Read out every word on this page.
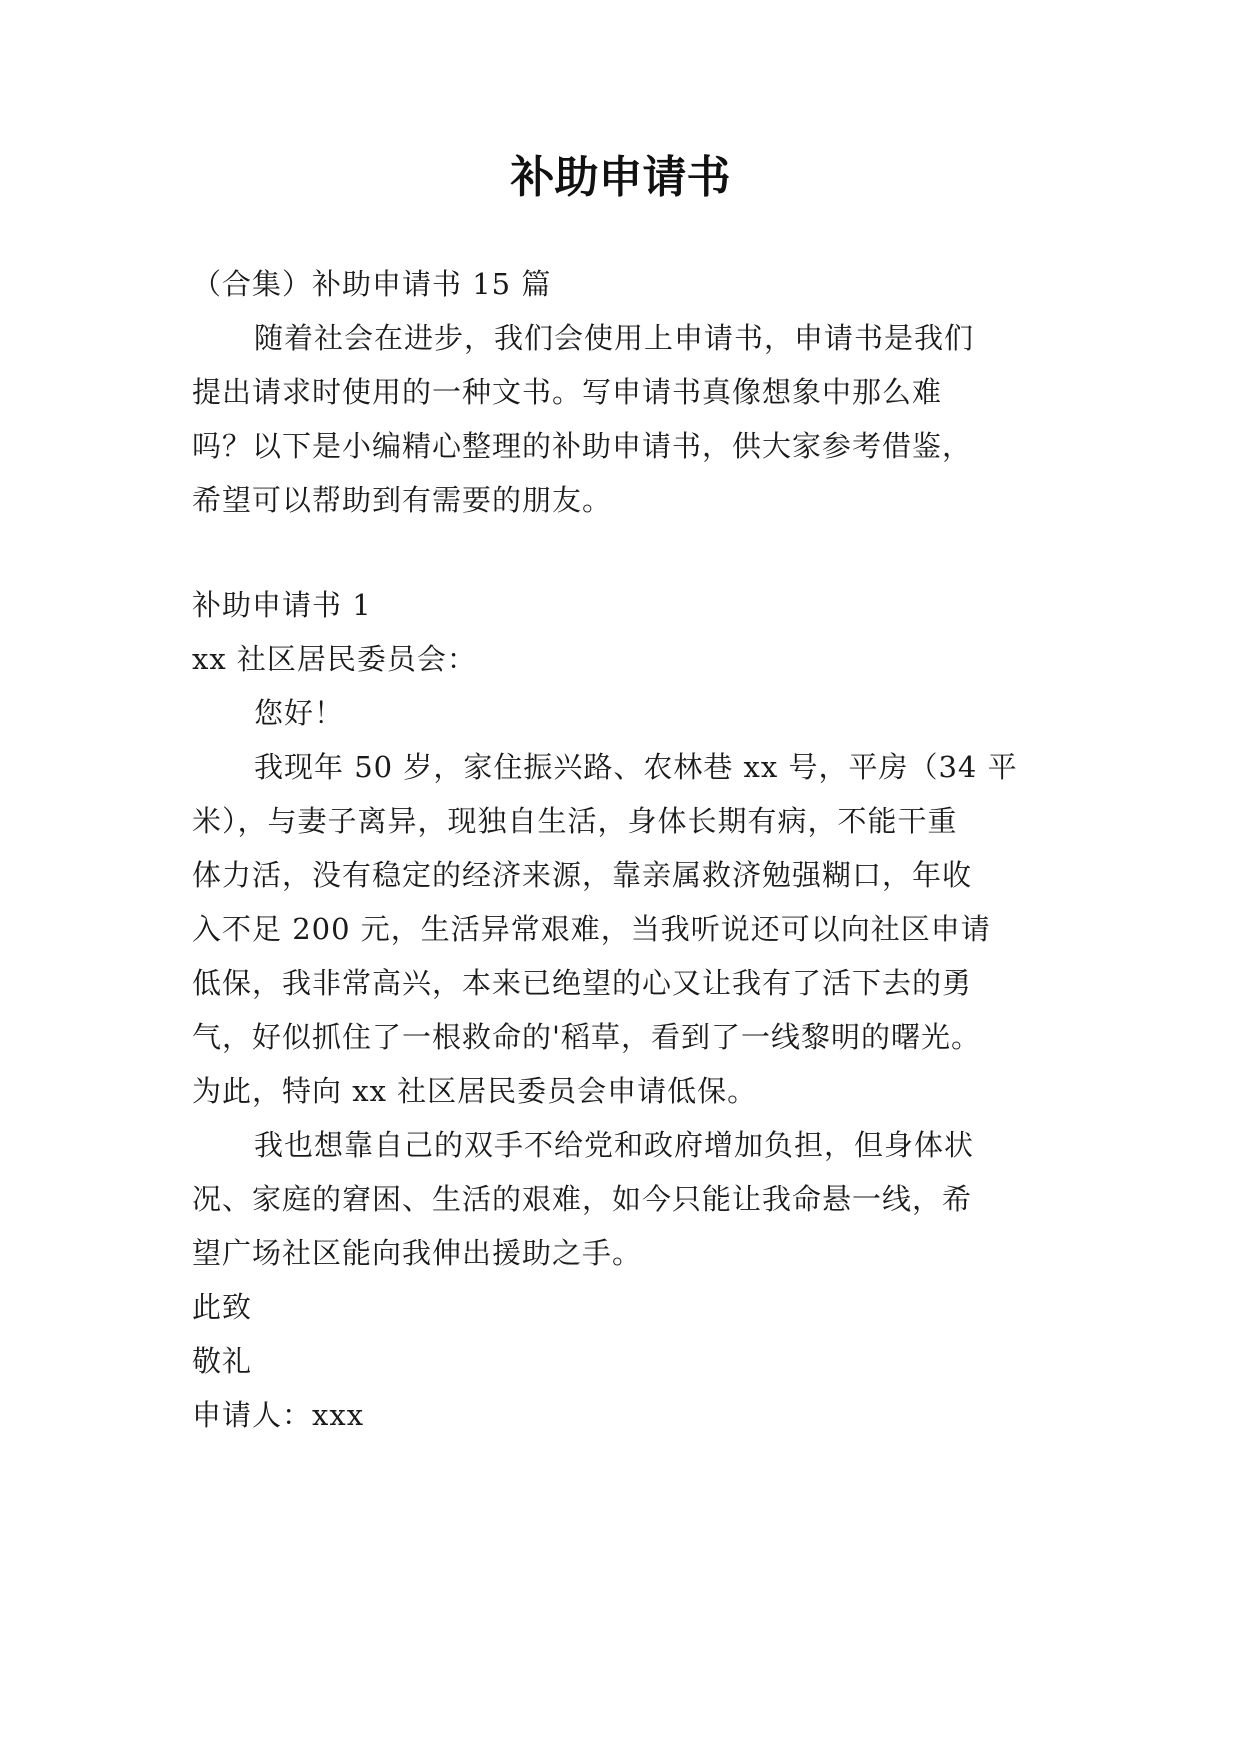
补助申请书
（合集）补助申请书 15 篇
随着社会在进步，我们会使用上申请书，申请书是我们
提出请求时使用的一种文书。写申请书真像想象中那么难
吗？以下是小编精心整理的补助申请书，供大家参考借鉴，
希望可以帮助到有需要的朋友。
补助申请书 1
xx 社区居民委员会：
您好！
我现年 50 岁，家住振兴路、农林巷 xx 号，平房（34 平
米），与妻子离异，现独自生活，身体长期有病，不能干重
体力活，没有稳定的经济来源，靠亲属救济勉强糊口，年收
入不足 200 元，生活异常艰难，当我听说还可以向社区申请
低保，我非常高兴，本来已绝望的心又让我有了活下去的勇
气，好似抓住了一根救命的'稻草，看到了一线黎明的曙光。
为此，特向 xx 社区居民委员会申请低保。
我也想靠自己的双手不给党和政府增加负担，但身体状
况、家庭的窘困、生活的艰难，如今只能让我命悬一线，希
望广场社区能向我伸出援助之手。
此致
敬礼
申请人：xxx
